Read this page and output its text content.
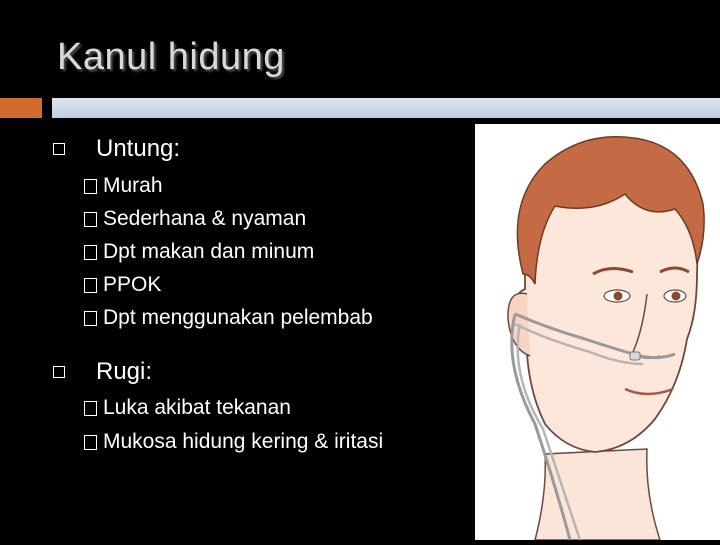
Kanul hidung
Untung:
Murah
Sederhana & nyaman
Dpt makan dan minum
PPOK
Dpt menggunakan pelembab
Rugi:
Luka akibat tekanan
Mukosa hidung kering & iritasi
